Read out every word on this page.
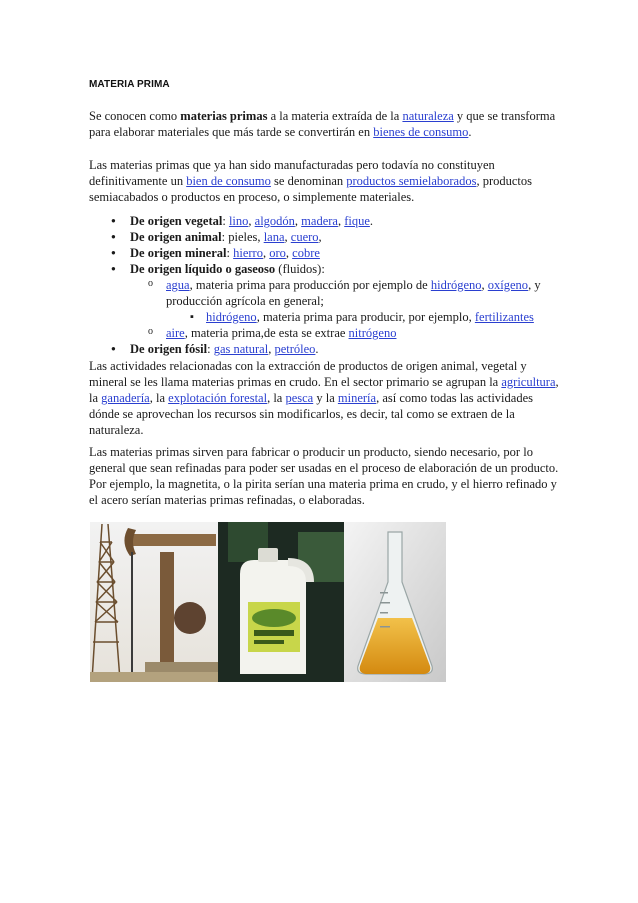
MATERIA PRIMA

Se conocen como materias primas a la materia extraída de la naturaleza y que se transforma para elaborar materiales que más tarde se convertirán en bienes de consumo.

Las materias primas que ya han sido manufacturadas pero todavía no constituyen definitivamente un bien de consumo se denominan productos semielaborados, productos semiacabados o productos en proceso, o simplemente materiales.

● De origen vegetal: lino, algodón, madera, fique.
● De origen animal: pieles, lana, cuero,
● De origen mineral: hierro, oro, cobre
● De origen líquido o gaseoso (fluidos):
o agua, materia prima para producción por ejemplo de hidrógeno, oxígeno, y producción agrícola en general;
▪ hidrógeno, materia prima para producir, por ejemplo, fertilizantes
o aire, materia prima,de esta se extrae nitrógeno
● De origen fósil: gas natural, petróleo.

Las actividades relacionadas con la extracción de productos de origen animal, vegetal y mineral se les llama materias primas en crudo. En el sector primario se agrupan la agricultura, la ganadería, la explotación forestal, la pesca y la minería, así como todas las actividades dónde se aprovechan los recursos sin modificarlos, es decir, tal como se extraen de la naturaleza.

Las materias primas sirven para fabricar o producir un producto, siendo necesario, por lo general que sean refinadas para poder ser usadas en el proceso de elaboración de un producto. Por ejemplo, la magnetita, o la pirita serían una materia prima en crudo, y el hierro refinado y el acero serían materias primas refinadas, o elaboradas.
